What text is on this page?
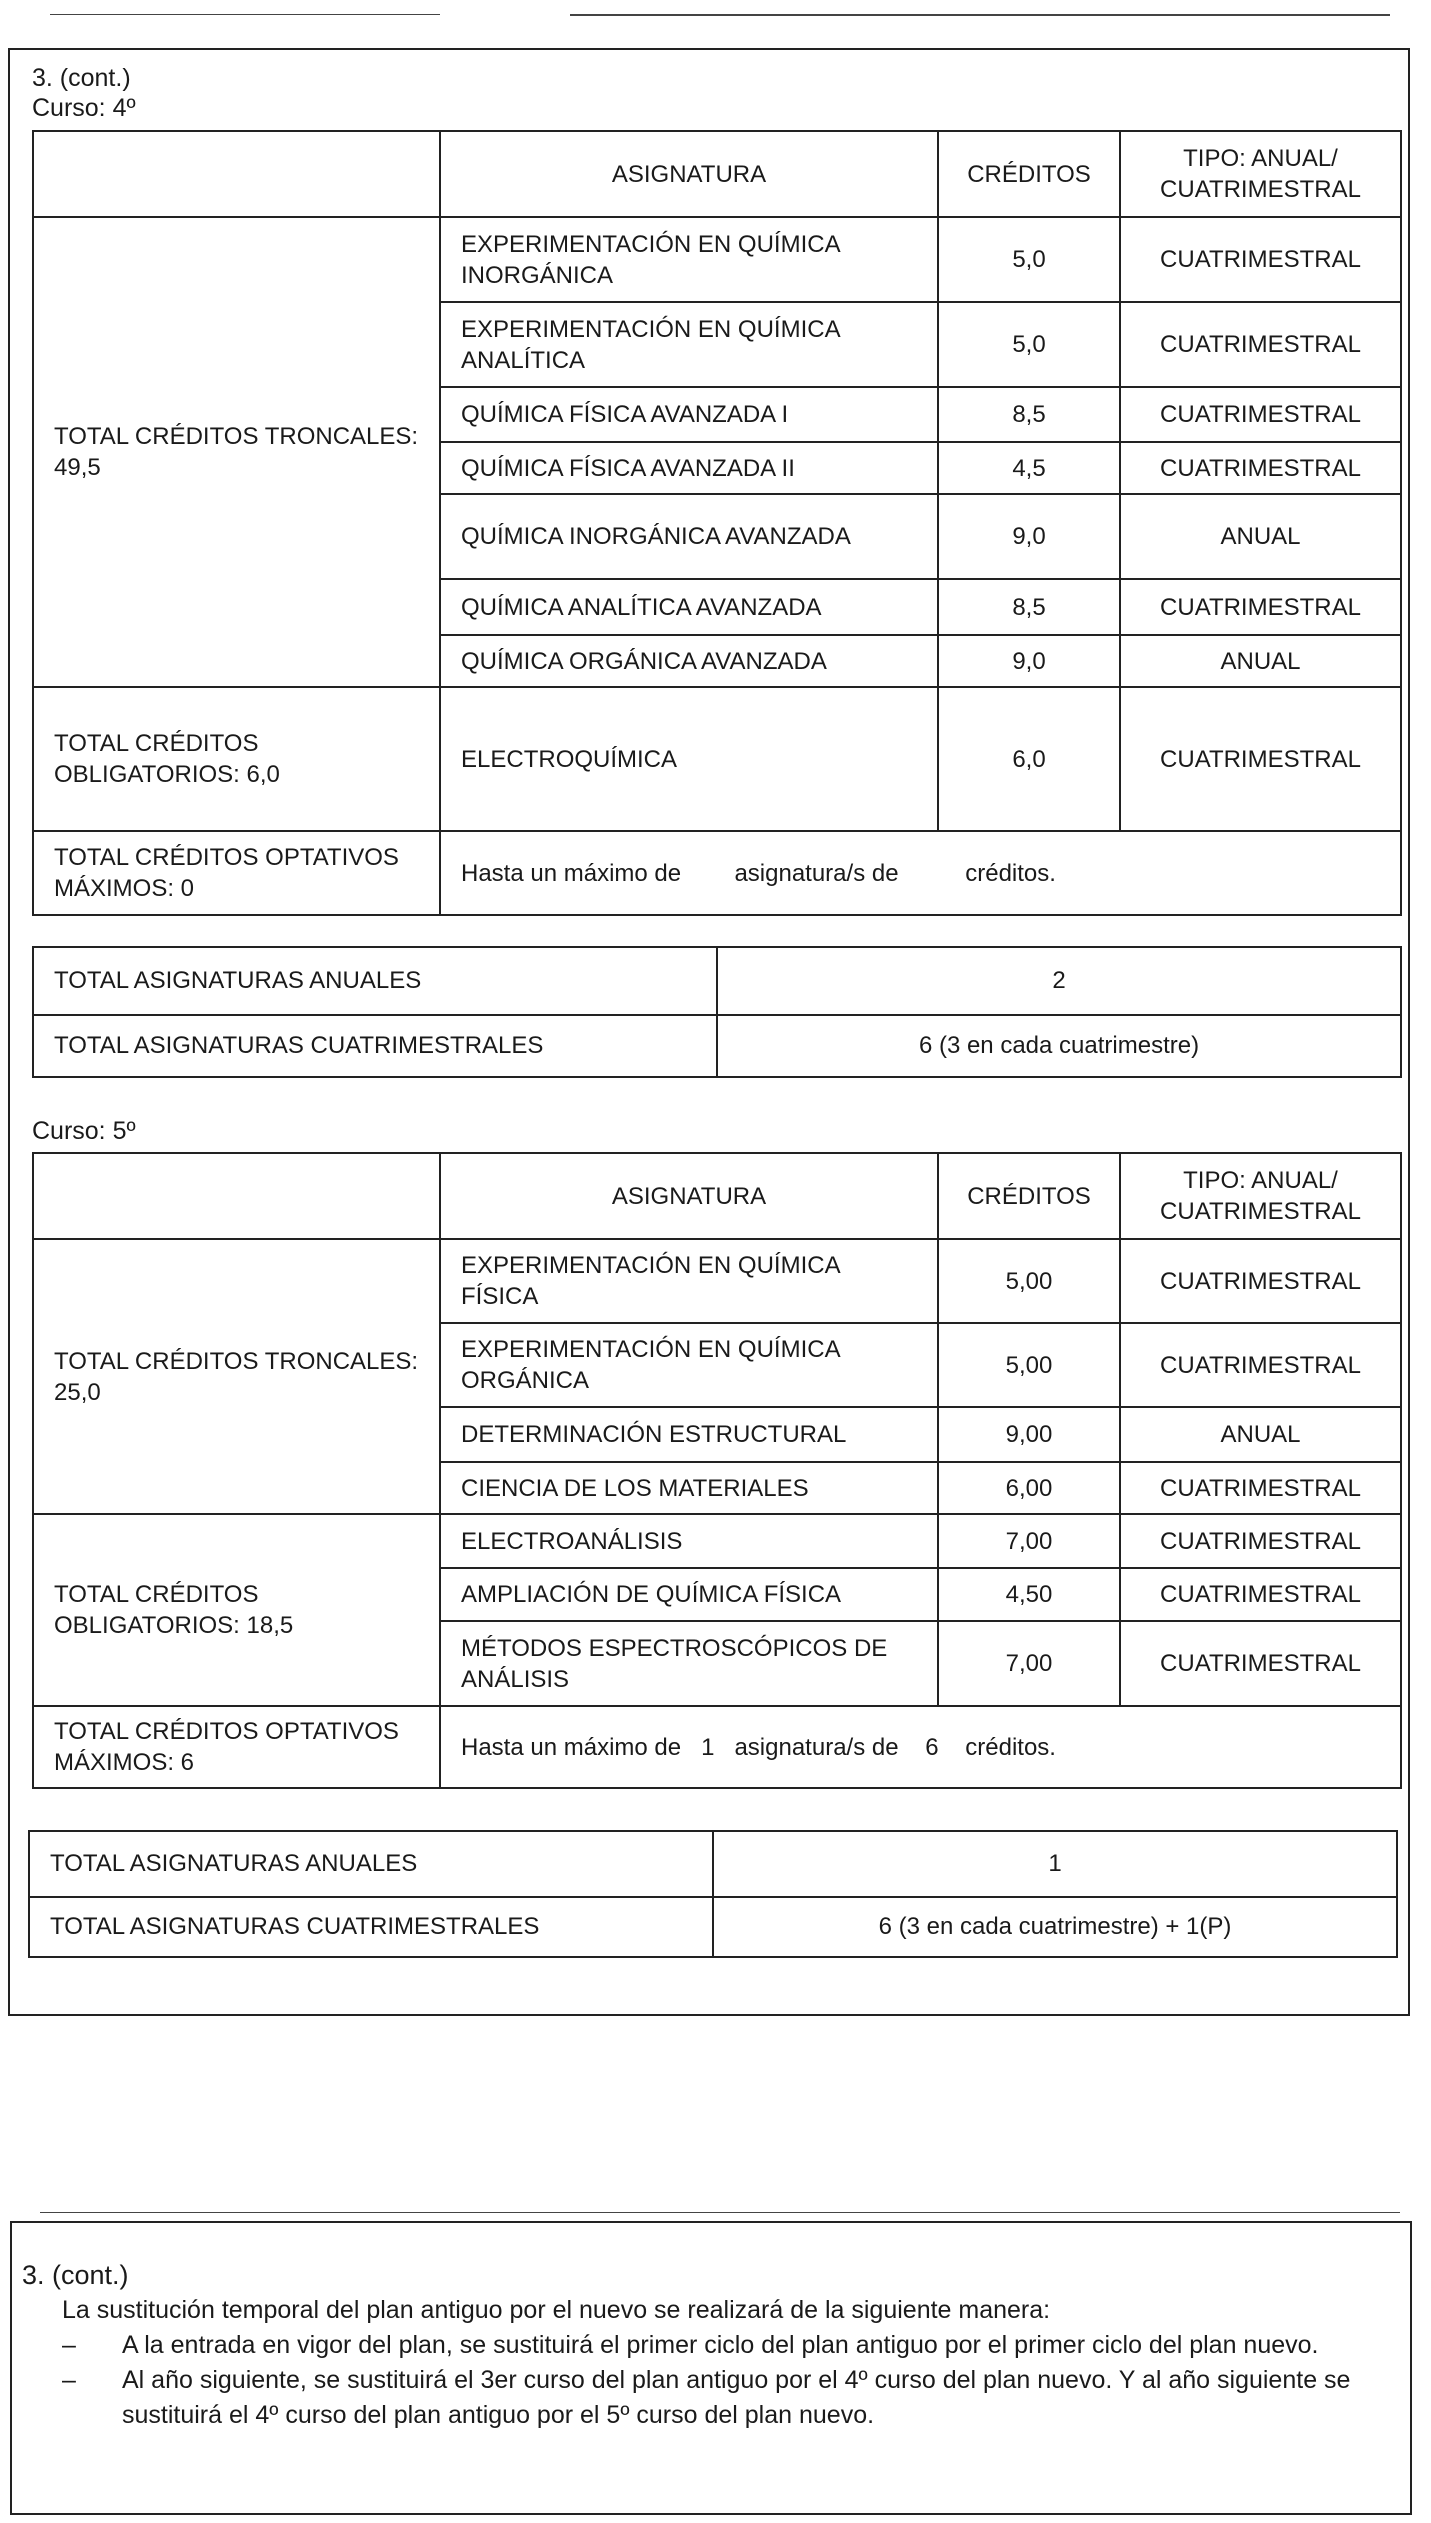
3. (cont.)
Curso: 4º
	ASIGNATURA	CRÉDITOS	TIPO: ANUAL/ CUATRIMESTRAL
TOTAL CRÉDITOS TRONCALES: 49,5	EXPERIMENTACIÓN EN QUÍMICA INORGÁNICA	5,0	CUATRIMESTRAL
	EXPERIMENTACIÓN EN QUÍMICA ANALÍTICA	5,0	CUATRIMESTRAL
	QUÍMICA FÍSICA AVANZADA I	8,5	CUATRIMESTRAL
	QUÍMICA FÍSICA AVANZADA II	4,5	CUATRIMESTRAL
	QUÍMICA INORGÁNICA AVANZADA	9,0	ANUAL
	QUÍMICA ANALÍTICA AVANZADA	8,5	CUATRIMESTRAL
	QUÍMICA ORGÁNICA AVANZADA	9,0	ANUAL
TOTAL CRÉDITOS OBLIGATORIOS: 6,0	ELECTROQUÍMICA	6,0	CUATRIMESTRAL
TOTAL CRÉDITOS OPTATIVOS MÁXIMOS: 0	Hasta un máximo de        asignatura/s de          créditos.		
TOTAL ASIGNATURAS ANUALES	2
TOTAL ASIGNATURAS CUATRIMESTRALES	6 (3 en cada cuatrimestre)
Curso: 5º
	ASIGNATURA	CRÉDITOS	TIPO: ANUAL/ CUATRIMESTRAL
TOTAL CRÉDITOS TRONCALES: 25,0	EXPERIMENTACIÓN EN QUÍMICA FÍSICA	5,00	CUATRIMESTRAL
	EXPERIMENTACIÓN EN QUÍMICA ORGÁNICA	5,00	CUATRIMESTRAL
	DETERMINACIÓN ESTRUCTURAL	9,00	ANUAL
	CIENCIA DE LOS MATERIALES	6,00	CUATRIMESTRAL
TOTAL CRÉDITOS OBLIGATORIOS: 18,5	ELECTROANÁLISIS	7,00	CUATRIMESTRAL
	AMPLIACIÓN DE QUÍMICA FÍSICA	4,50	CUATRIMESTRAL
	MÉTODOS ESPECTROSCÓPICOS DE ANÁLISIS	7,00	CUATRIMESTRAL
TOTAL CRÉDITOS OPTATIVOS MÁXIMOS: 6	Hasta un máximo de   1   asignatura/s de    6    créditos.		
TOTAL ASIGNATURAS ANUALES	1
TOTAL ASIGNATURAS CUATRIMESTRALES	6 (3 en cada cuatrimestre) + 1(P)
3. (cont.)

La sustitución temporal del plan antiguo por el nuevo se realizará de la siguiente manera:

– A la entrada en vigor del plan, se sustituirá el primer ciclo del plan antiguo por el primer ciclo del plan nuevo.
– Al año siguiente, se sustituirá el 3er curso del plan antiguo por el 4º curso del plan nuevo. Y al año siguiente se sustituirá el 4º curso del plan antiguo por el 5º curso del plan nuevo.
